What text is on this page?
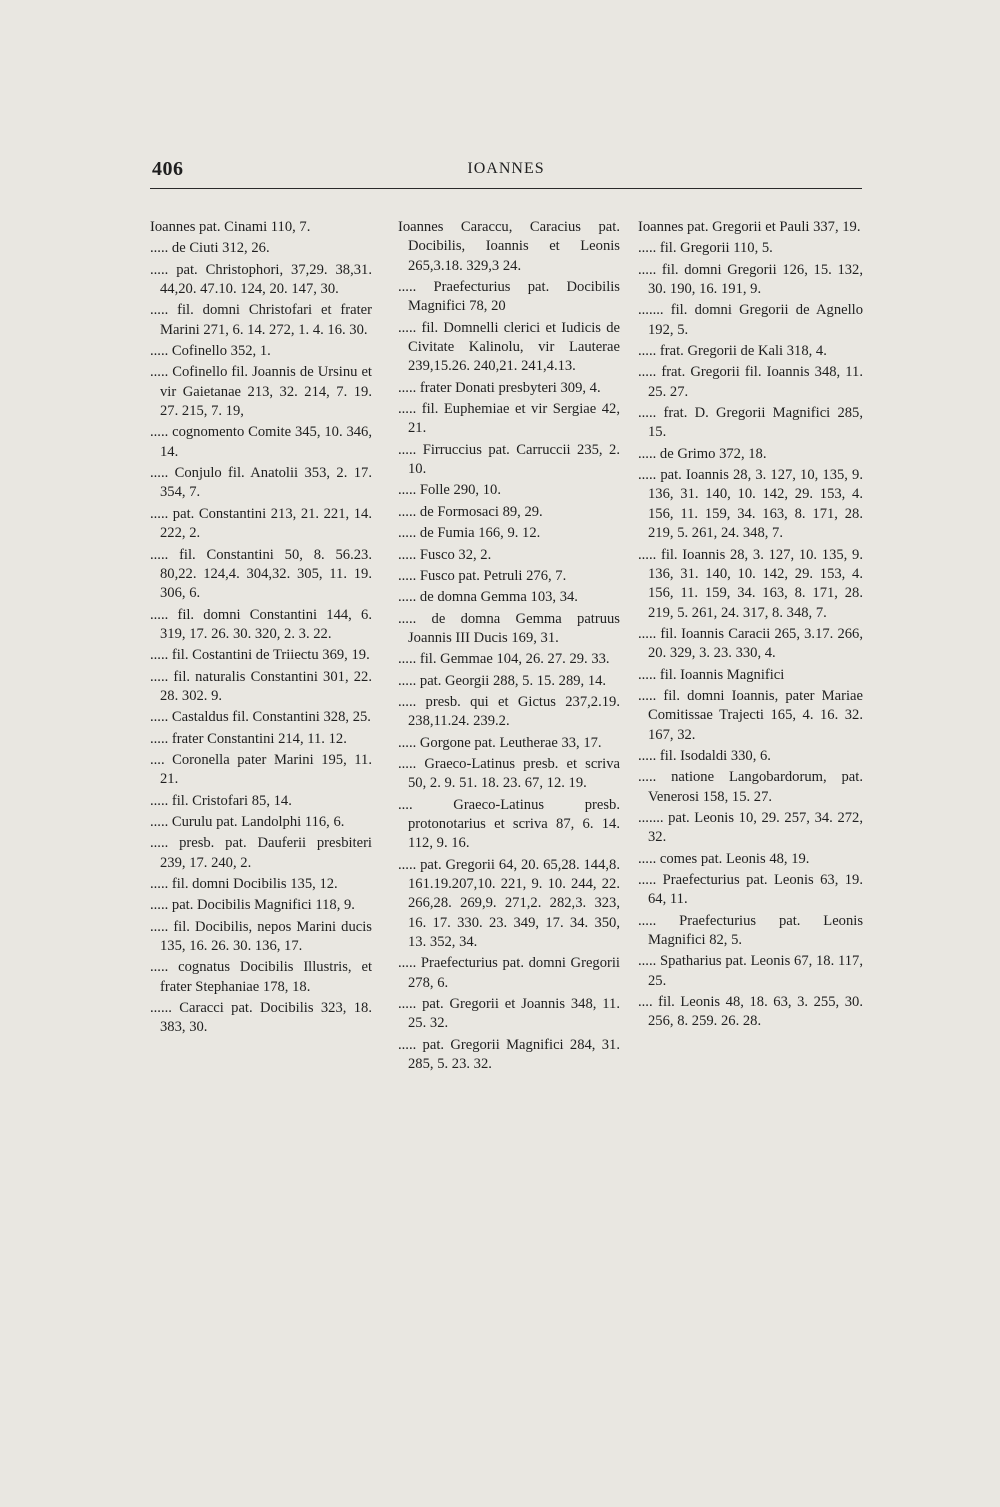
406	IOANNES

Ioannes pat. Cinami 110, 7.

..... de Ciuti 312, 26.

..... pat. Christophori, 37,29. 38,31. 44,20. 47.10. 124, 20. 147, 30.

..... fil. domni Christofari et frater Marini 271, 6. 14. 272, 1. 4. 16. 30.

..... Cofinello 352, 1.

..... Cofinello fil. Joannis de Ursinu et vir Gaietanae 213, 32. 214, 7. 19. 27. 215, 7. 19,

..... cognomento Comite 345, 10. 346, 14.

..... Conjulo fil. Anatolii 353, 2. 17. 354, 7.

..... pat. Constantini 213, 21. 221, 14. 222, 2.

..... fil. Constantini 50, 8. 56.23. 80,22. 124,4. 304,32. 305, 11. 19. 306, 6.

..... fil. domni Constantini 144, 6. 319, 17. 26. 30. 320, 2. 3. 22.

..... fil. Costantini de Triiectu 369, 19.

..... fil. naturalis Constantini 301, 22. 28. 302. 9.

..... Castaldus fil. Constantini 328, 25.

..... frater Constantini 214, 11. 12.

.... Coronella pater Marini 195, 11. 21.

..... fil. Cristofari 85, 14.

..... Curulu pat. Landolphi 116, 6.

..... presb. pat. Dauferii presbiteri 239, 17. 240, 2.

..... fil. domni Docibilis 135, 12.

..... pat. Docibilis Magnifici 118, 9.

..... fil. Docibilis, nepos Marini ducis 135, 16. 26. 30. 136, 17.

..... cognatus Docibilis Illustris, et frater Stephaniae 178, 18.

...... Caracci pat. Docibilis 323, 18. 383, 30.

Ioannes Caraccu, Caracius pat. Docibilis, Ioannis et Leonis 265,3.18. 329,3 24.

..... Praefecturius pat. Docibilis Magnifici 78, 20

..... fil. Domnelli clerici et Iudicis de Civitate Kalinolu, vir Lauterae 239,15.26. 240,21. 241,4.13.

..... frater Donati presbyteri 309, 4.

..... fil. Euphemiae et vir Sergiae 42, 21.

..... Firruccius pat. Carruccii 235, 2. 10.

..... Folle 290, 10.

..... de Formosaci 89, 29.

..... de Fumia 166, 9. 12.

..... Fusco 32, 2.

..... Fusco pat. Petruli 276, 7.

..... de domna Gemma 103, 34.

..... de domna Gemma patruus Joannis III Ducis 169, 31.

..... fil. Gemmae 104, 26. 27. 29. 33.

..... pat. Georgii 288, 5. 15. 289, 14.

..... presb. qui et Gictus 237,2.19. 238,11.24. 239.2.

..... Gorgone pat. Leutherae 33, 17.

..... Graeco-Latinus presb. et scriva 50, 2. 9. 51. 18. 23. 67, 12. 19.

.... Graeco-Latinus presb. protonotarius et scriva 87, 6. 14. 112, 9. 16.

..... pat. Gregorii 64, 20. 65,28. 144,8. 161.19.207,10. 221, 9. 10. 244, 22. 266,28. 269,9. 271,2. 282,3. 323, 16. 17. 330. 23. 349, 17. 34. 350, 13. 352, 34.

..... Praefecturius pat. domni Gregorii 278, 6.

..... pat. Gregorii et Joannis 348, 11. 25. 32.

..... pat. Gregorii Magnifici 284, 31. 285, 5. 23. 32.

Ioannes pat. Gregorii et Pauli 337, 19.

..... fil. Gregorii 110, 5.

..... fil. domni Gregorii 126, 15. 132, 30. 190, 16. 191, 9.

....... fil. domni Gregorii de Agnello 192, 5.

..... frat. Gregorii de Kali 318, 4.

..... frat. Gregorii fil. Ioannis 348, 11. 25. 27.

..... frat. D. Gregorii Magnifici 285, 15.

..... de Grimo 372, 18.

..... pat. Ioannis 28, 3. 127, 10, 135, 9. 136, 31. 140, 10. 142, 29. 153, 4. 156, 11. 159, 34. 163, 8. 171, 28. 219, 5. 261, 24. 348, 7.

..... fil. Ioannis 28, 3. 127, 10. 135, 9. 136, 31. 140, 10. 142, 29. 153, 4. 156, 11. 159, 34. 163, 8. 171, 28. 219, 5. 261, 24. 317, 8. 348, 7.

..... fil. Ioannis Caracii 265, 3.17. 266, 20. 329, 3. 23. 330, 4.

..... fil. Ioannis Magnifici

..... fil. domni Ioannis, pater Mariae Comitissae Trajecti 165, 4. 16. 32. 167, 32.

..... fil. Isodaldi 330, 6.

..... natione Langobardorum, pat. Venerosi 158, 15. 27.

....... pat. Leonis 10, 29. 257, 34. 272, 32.

..... comes pat. Leonis 48, 19.

..... Praefecturius pat. Leonis 63, 19. 64, 11.

..... Praefecturius pat. Leonis Magnifici 82, 5.

..... Spatharius pat. Leonis 67, 18. 117, 25.

.... fil. Leonis 48, 18. 63, 3. 255, 30. 256, 8. 259. 26. 28.
